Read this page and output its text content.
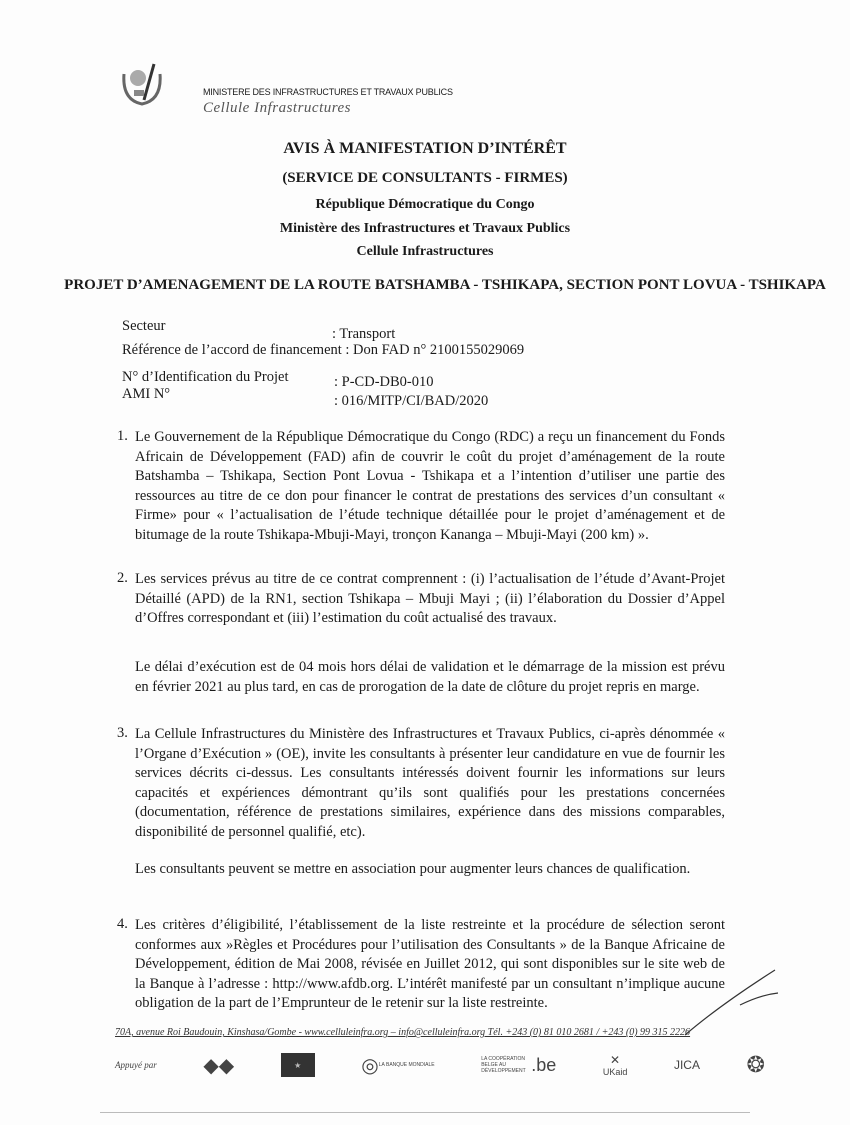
MINISTERE DES INFRASTRUCTURES ET TRAVAUX PUBLICS
Cellule Infrastructures
AVIS À MANIFESTATION D’INTÉRÊT
(SERVICE DE CONSULTANTS - FIRMES)
République Démocratique du Congo
Ministère des Infrastructures et Travaux Publics
Cellule Infrastructures
PROJET D’AMENAGEMENT DE LA ROUTE BATSHAMBA - TSHIKAPA, SECTION PONT LOVUA - TSHIKAPA
Secteur	: Transport
Référence de l’accord de financement : Don FAD n° 2100155029069
N° d’Identification du Projet	: P-CD-DB0-010
AMI N°	: 016/MITP/CI/BAD/2020
1. Le Gouvernement de la République Démocratique du Congo (RDC) a reçu un financement du Fonds Africain de Développement (FAD) afin de couvrir le coût du projet d’aménagement de la route Batshamba – Tshikapa, Section Pont Lovua - Tshikapa et a l’intention d’utiliser une partie des ressources au titre de ce don pour financer le contrat de prestations des services d’un consultant « Firme» pour « l’actualisation de l’étude technique détaillée pour le projet d’aménagement et de bitumage de la route Tshikapa-Mbuji-Mayi, tronçon Kananga – Mbuji-Mayi (200 km) ».
2. Les services prévus au titre de ce contrat comprennent : (i) l’actualisation de l’étude d’Avant-Projet Détaillé (APD) de la RN1, section Tshikapa – Mbuji Mayi ; (ii) l’élaboration du Dossier d’Appel d’Offres correspondant et (iii) l’estimation du coût actualisé des travaux.
Le délai d’exécution est de 04 mois hors délai de validation et le démarrage de la mission est prévu en février 2021 au plus tard, en cas de prorogation de la date de clôture du projet repris en marge.
3. La Cellule Infrastructures du Ministère des Infrastructures et Travaux Publics, ci-après dénommée « l’Organe d’Exécution » (OE), invite les consultants à présenter leur candidature en vue de fournir les services décrits ci-dessus. Les consultants intéressés doivent fournir les informations sur leurs capacités et expériences démontrant qu’ils sont qualifiés pour les prestations concernées (documentation, référence de prestations similaires, expérience dans des missions comparables, disponibilité de personnel qualifié, etc).
Les consultants peuvent se mettre en association pour augmenter leurs chances de qualification.
4. Les critères d’éligibilité, l’établissement de la liste restreinte et la procédure de sélection seront conformes aux »Règles et Procédures pour l’utilisation des Consultants » de la Banque Africaine de Développement, édition de Mai 2008, révisée en Juillet 2012, qui sont disponibles sur le site web de la Banque à l’adresse : http://www.afdb.org. L’intérêt manifesté par un consultant n’implique aucune obligation de la part de l’Emprunteur de le retenir sur la liste restreinte.
70A, avenue Roi Baudouin, Kinshasa/Gombe - www.celluleinfra.org – info@celluleinfra.org Tél. +243 (0) 81 010 2681 / +243 (0) 99 315 2226
Appuyé par ◆◆	★	◎ LA BANQUE MONDIALE
LA COOPÉRATION BELGE AU DÉVELOPPEMENT .be	✕
UKaid	JICA ❂
